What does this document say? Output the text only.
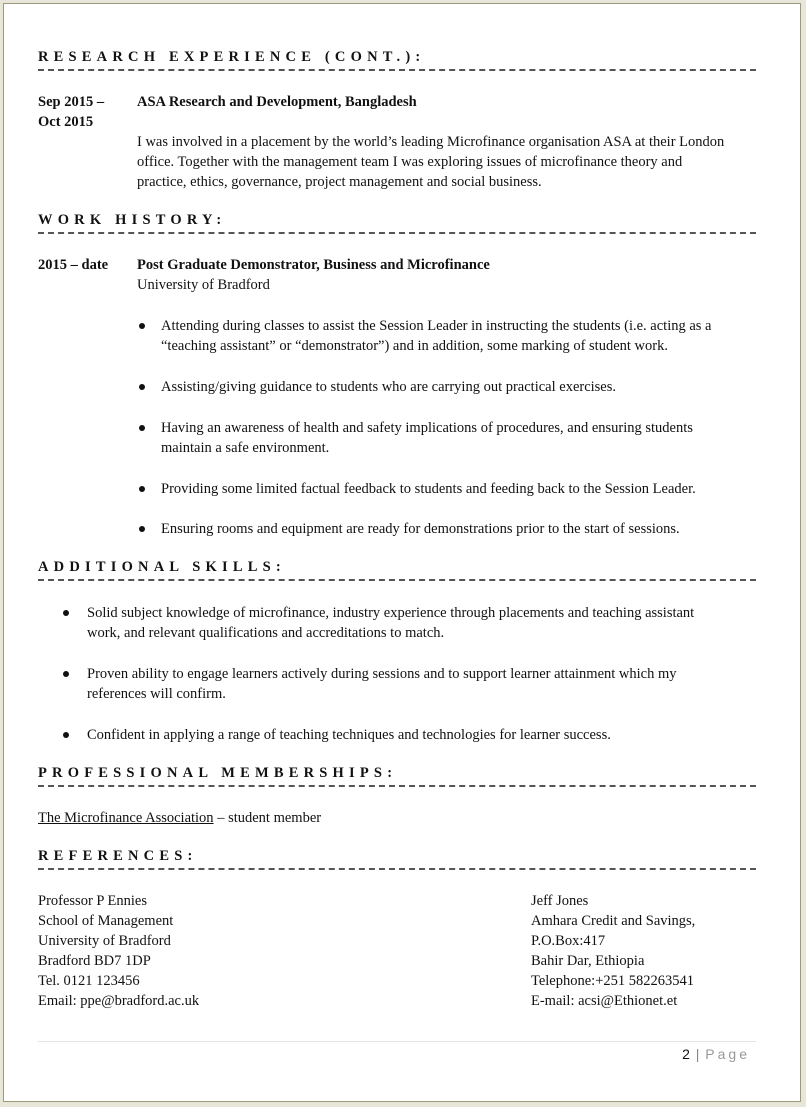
RESEARCH EXPERIENCE (CONT.):
Sep 2015 –
Oct 2015
ASA Research and Development, Bangladesh
I was involved in a placement by the world’s leading Microfinance organisation ASA at their London
office. Together with the management team I was exploring issues of microfinance theory and
practice, ethics, governance, project management and social business.
WORK HISTORY:
2015 – date Post Graduate Demonstrator, Business and Microfinance
University of Bradford
Attending during classes to assist the Session Leader in instructing the students (i.e. acting as a
“teaching assistant” or “demonstrator”) and in addition, some marking of student work.
Assisting/giving guidance to students who are carrying out practical exercises.
Having an awareness of health and safety implications of procedures, and ensuring students
maintain a safe environment.
Providing some limited factual feedback to students and feeding back to the Session Leader.
Ensuring rooms and equipment are ready for demonstrations prior to the start of sessions.
ADDITIONAL SKILLS:
Solid subject knowledge of microfinance, industry experience through placements and teaching assistant
work, and relevant qualifications and accreditations to match.
Proven ability to engage learners actively during sessions and to support learner attainment which my
references will confirm.
Confident in applying a range of teaching techniques and technologies for learner success.
PROFESSIONAL MEMBERSHIPS:
The Microfinance Association – student member
REFERENCES:
Professor P Ennies
School of Management
University of Bradford
Bradford BD7 1DP
Tel. 0121 123456
Email: ppe@bradford.ac.uk
Jeff Jones
Amhara Credit and Savings,
P.O.Box:417
Bahir Dar, Ethiopia
Telephone:+251 582263541
E-mail: acsi@Ethionet.et
2 | Page
